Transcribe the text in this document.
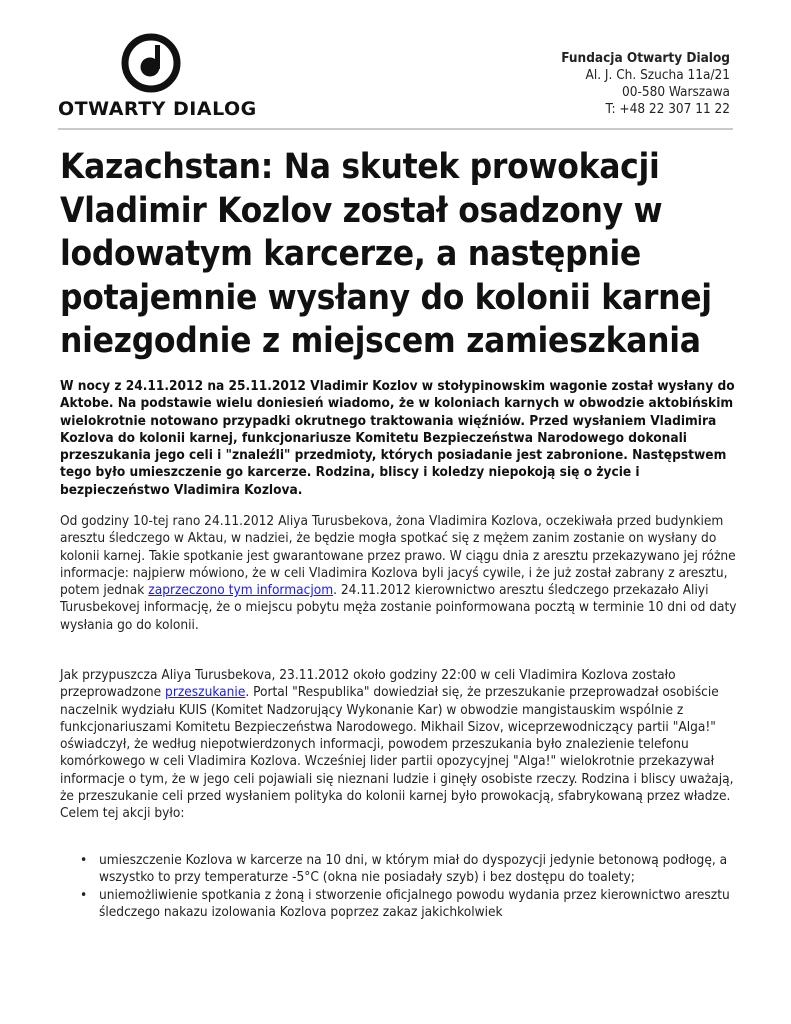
OTWARTY DIALOG
Fundacja Otwarty Dialog
Al. J. Ch. Szucha 11a/21
00-580 Warszawa
T: +48 22 307 11 22
Kazachstan: Na skutek prowokacji Vladimir Kozlov został osadzony w lodowatym karcerze, a następnie potajemnie wysłany do kolonii karnej niezgodnie z miejscem zamieszkania

W nocy z 24.11.2012 na 25.11.2012 Vladimir Kozlov w stołypinowskim wagonie został wysłany do Aktobe. Na podstawie wielu doniesień wiadomo, że w koloniach karnych w obwodzie aktobińskim wielokrotnie notowano przypadki okrutnego traktowania więźniów. Przed wysłaniem Vladimira Kozlova do kolonii karnej, funkcjonariusze Komitetu Bezpieczeństwa Narodowego dokonali przeszukania jego celi i "znaleźli" przedmioty, których posiadanie jest zabronione. Następstwem tego było umieszczenie go karcerze. Rodzina, bliscy i koledzy niepokoją się o życie i bezpieczeństwo Vladimira Kozlova.

Od godziny 10-tej rano 24.11.2012 Aliya Turusbekova, żona Vladimira Kozlova, oczekiwała przed budynkiem aresztu śledczego w Aktau, w nadziei, że będzie mogła spotkać się z mężem zanim zostanie on wysłany do kolonii karnej. Takie spotkanie jest gwarantowane przez prawo. W ciągu dnia z aresztu przekazywano jej różne informacje: najpierw mówiono, że w celi Vladimira Kozlova byli jacyś cywile, i że już został zabrany z aresztu, potem jednak zaprzeczono tym informacjom. 24.11.2012 kierownictwo aresztu śledczego przekazało Aliyi Turusbekovej informację, że o miejscu pobytu męża zostanie poinformowana pocztą w terminie 10 dni od daty wysłania go do kolonii.

Jak przypuszcza Aliya Turusbekova, 23.11.2012 około godziny 22:00 w celi Vladimira Kozlova zostało przeprowadzone przeszukanie. Portal "Respublika" dowiedział się, że przeszukanie przeprowadzał osobiście naczelnik wydziału KUIS (Komitet Nadzorujący Wykonanie Kar) w obwodzie mangistauskim wspólnie z funkcjonariuszami Komitetu Bezpieczeństwa Narodowego. Mikhail Sizov, wiceprzewodniczący partii "Alga!" oświadczył, że według niepotwierdzonych informacji, powodem przeszukania było znalezienie telefonu komórkowego w celi Vladimira Kozlova. Wcześniej lider partii opozycyjnej "Alga!" wielokrotnie przekazywał informacje o tym, że w jego celi pojawiali się nieznani ludzie i ginęły osobiste rzeczy. Rodzina i bliscy uważają, że przeszukanie celi przed wysłaniem polityka do kolonii karnej było prowokacją, sfabrykowaną przez władze. Celem tej akcji było:

• umieszczenie Kozlova w karcerze na 10 dni, w którym miał do dyspozycji jedynie betonową podłogę, a wszystko to przy temperaturze -5°C (okna nie posiadały szyb) i bez dostępu do toalety;
• uniemożliwienie spotkania z żoną i stworzenie oficjalnego powodu wydania przez kierownictwo aresztu śledczego nakazu izolowania Kozlova poprzez zakaz jakichkolwiek
